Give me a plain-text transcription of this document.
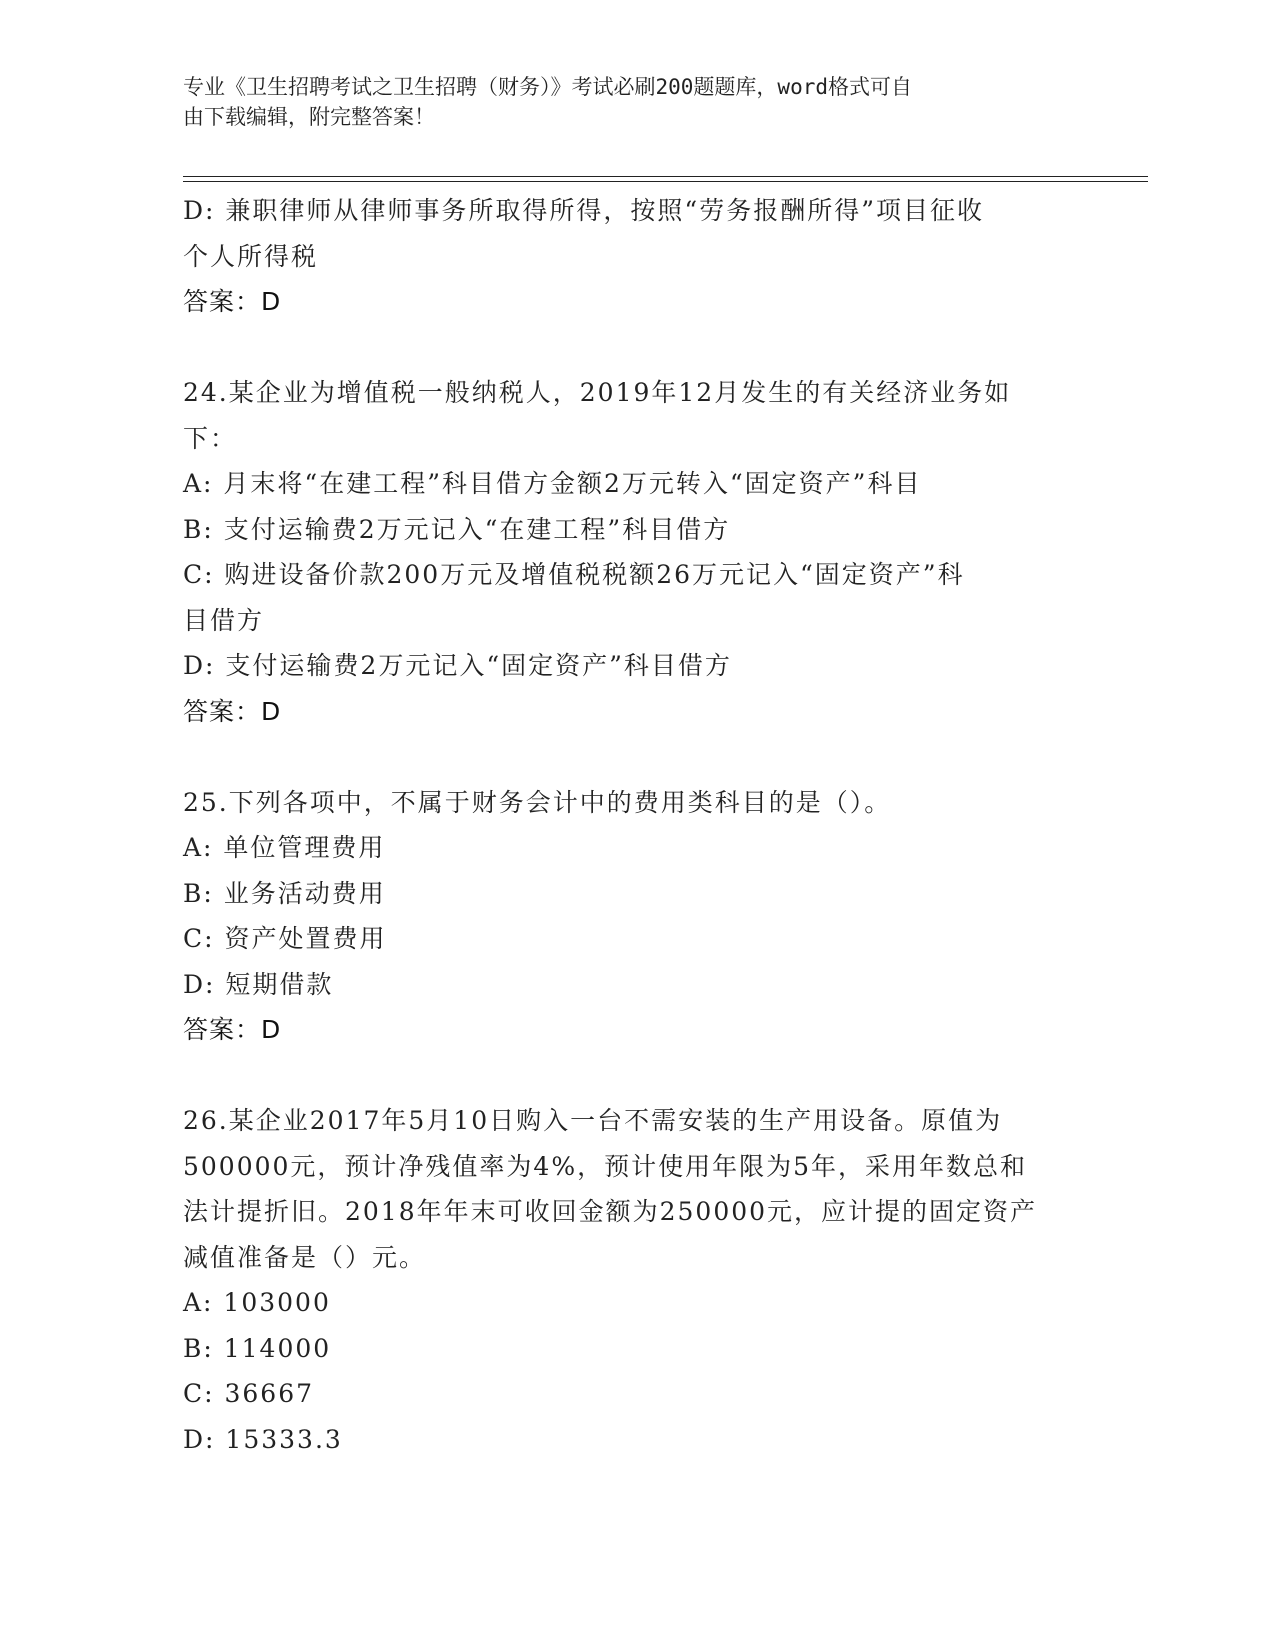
专业《卫生招聘考试之卫生招聘（财务）》考试必刷200题题库，word格式可自
由下载编辑，附完整答案！

D: 兼职律师从律师事务所取得所得，按照“劳务报酬所得”项目征收

个人所得税

答案：D

24.某企业为增值税一般纳税人，2019年12月发生的有关经济业务如

下：

A: 月末将“在建工程”科目借方金额2万元转入“固定资产”科目

B: 支付运输费2万元记入“在建工程”科目借方

C: 购进设备价款200万元及增值税税额26万元记入“固定资产”科

目借方

D: 支付运输费2万元记入“固定资产”科目借方

答案：D

25.下列各项中，不属于财务会计中的费用类科目的是（）。

A: 单位管理费用

B: 业务活动费用

C: 资产处置费用

D: 短期借款

答案：D

26.某企业2017年5月10日购入一台不需安装的生产用设备。原值为

500000元，预计净残值率为4%，预计使用年限为5年，采用年数总和

法计提折旧。2018年年末可收回金额为250000元，应计提的固定资产

减值准备是（）元。

A: 103000

B: 114000

C: 36667

D: 15333.3
